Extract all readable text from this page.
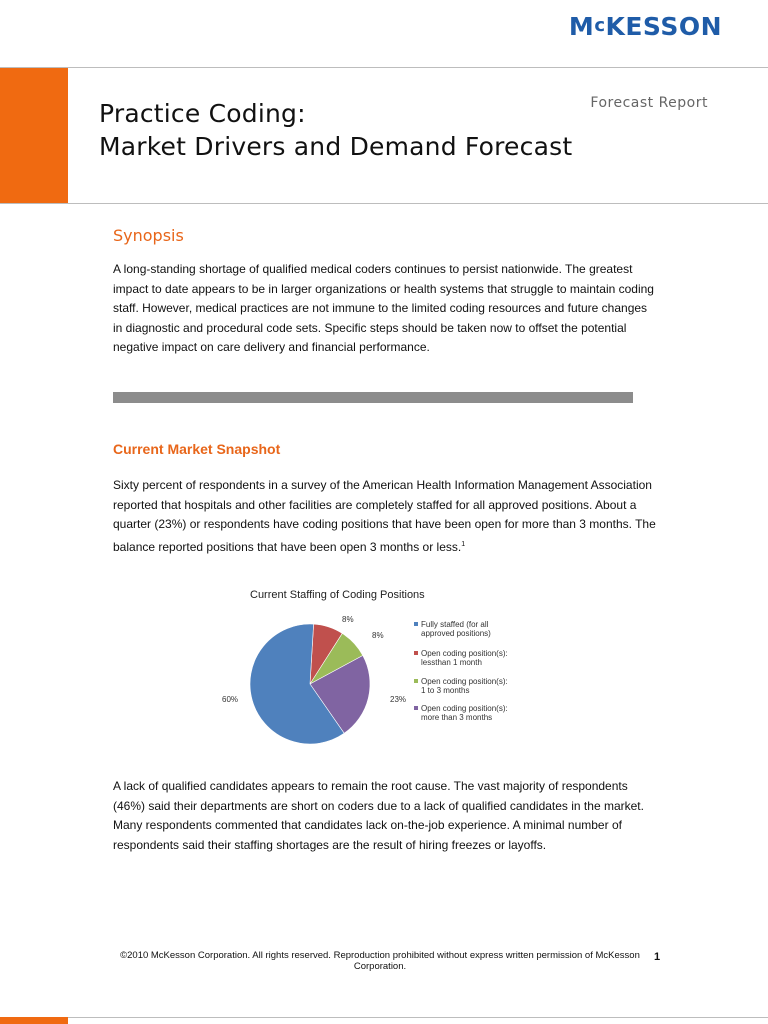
McKESSON
Practice Coding:
Market Drivers and Demand Forecast
Forecast Report
Synopsis
A long-standing shortage of qualified medical coders continues to persist nationwide. The greatest impact to date appears to be in larger organizations or health systems that struggle to maintain coding staff. However, medical practices are not immune to the limited coding resources and future changes in diagnostic and procedural code sets. Specific steps should be taken now to offset the potential negative impact on care delivery and financial performance.
Current Market Snapshot
Sixty percent of respondents in a survey of the American Health Information Management Association reported that hospitals and other facilities are completely staffed for all approved positions. About a quarter (23%) or respondents have coding positions that have been open for more than 3 months. The balance reported positions that have been open 3 months or less.$^1$
Current Staffing of Coding Positions
8%
8%
23%
60%
Fully staffed (for all
approved positions)
Open coding position(s):
lessthan 1 month
Open coding position(s):
1 to 3 months
Open coding position(s):
more than 3 months
A lack of qualified candidates appears to remain the root cause. The vast majority of respondents (46%) said their departments are short on coders due to a lack of qualified candidates in the market. Many respondents commented that candidates lack on-the-job experience. A minimal number of respondents said their staffing shortages are the result of hiring freezes or layoffs.
©2010 McKesson Corporation. All rights reserved. Reproduction prohibited without express written permission of McKesson Corporation.
1
